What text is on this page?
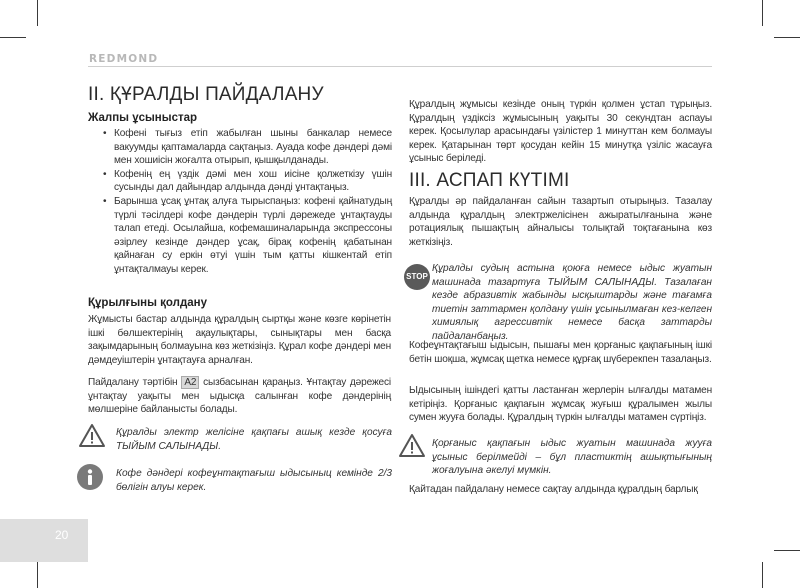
REDMOND
II. ҚҰРАЛДЫ ПАЙДАЛАНУ
Жалпы ұсыныстар
• Кофені тығыз етіп жабылған шыны банкалар немесе вакуумды қаптамаларда сақтаңыз. Ауада кофе дәндері дәмі мен хошиісін жоғалта отырып, қышқылданады.
• Кофенің ең үздік дәмі мен хош иісіне қолжеткізу үшін сусынды дал дайындар алдында дәнді ұнтақтаңыз.
• Барынша ұсақ ұнтақ алуға тырыспаңыз: кофені қайнатудың түрлі тәсілдері кофе дәндерін түрлі дәрежеде ұнтақтауды талап етеді. Осылайша, кофемашиналарында экспрессоны әзірлеу кезінде дәндер ұсақ, бірақ кофенің қабатынан қайнаған су еркін өтуі үшін тым қатты кішкентай етіп ұнтақталмауы керек.
Құрылғыны қолдану
Жұмысты бастар алдында құралдың сыртқы және көзге көрінетін ішкі бөлшектерінің ақаулықтары, сынықтары мен басқа зақымдарының болмауына көз жеткізіңіз. Құрал кофе дәндері мен дәмдеуіштерін ұнтақтауға арналған.
Пайдалану тәртібін A2 сызбасынан қараңыз. Ұнтақтау дәрежесі ұнтақтау уақыты мен ыдысқа салынған кофе дәндерінің мөлшеріне байланысты болады.
Құралды электр желісіне қақпағы ашық кезде қосуға ТЫЙЫМ САЛЫНАДЫ.
Кофе дәндері кофеұнтақтағыш ыдысыныц кемінде 2/3 бөлігін алуы керек.
Құралдың жұмысы кезінде оның түркін қолмен ұстап тұрыңыз. Құралдың үздіксіз жұмысының уақыты 30 секундтан аспауы керек. Қосылулар арасындағы үзілістер 1 минуттан кем болмауы керек. Қатарынан төрт қосудан кейін 15 минутқа үзіліс жасауға ұсыныс беріледі.
III. АСПАП КҮТІМІ
Құралды әр пайдаланған сайын тазартып отырыңыз. Тазалау алдында құралдың электржелісінен ажыратылғанына және ротациялық пышақтың айналысы толықтай тоқтағанына көз жеткізіңіз.
STOP
Құралды судың астына қоюға немесе ыдыс жуатын машинада тазартуға ТЫЙЫМ САЛЫНАДЫ. Тазалаған кезде абразивтік жабынды ысқыштарды және тағамға тиетін заттармен қолдану үшін ұсынылмаған кез-келген химиялық агрессивтік немесе басқа заттарды пайдаланбаңыз.
Кофеұнтақтағыш ыдысын, пышағы мен қорғаныс қақпағының ішкі бетін шоқша, жұмсақ щетка немесе құрғақ шүберекпен тазалаңыз.
Ыдысының ішіндегі қатты ластанған жерлерін ылғалды матамен кетіріңіз. Қорғаныс қақпағын жұмсақ жуғыш құралымен жылы сумен жууға болады. Құралдың түркін ылғалды матамен сүртіңіз.
Қорғаныс қақпағын ыдыс жуатын машинада жууға ұсыныс берілмейді – бұл пластиктің ашықтығының жоғалуына әкелуі мүмкін.
Қайтадан пайдалану немесе сақтау алдында құралдың барлық
20
